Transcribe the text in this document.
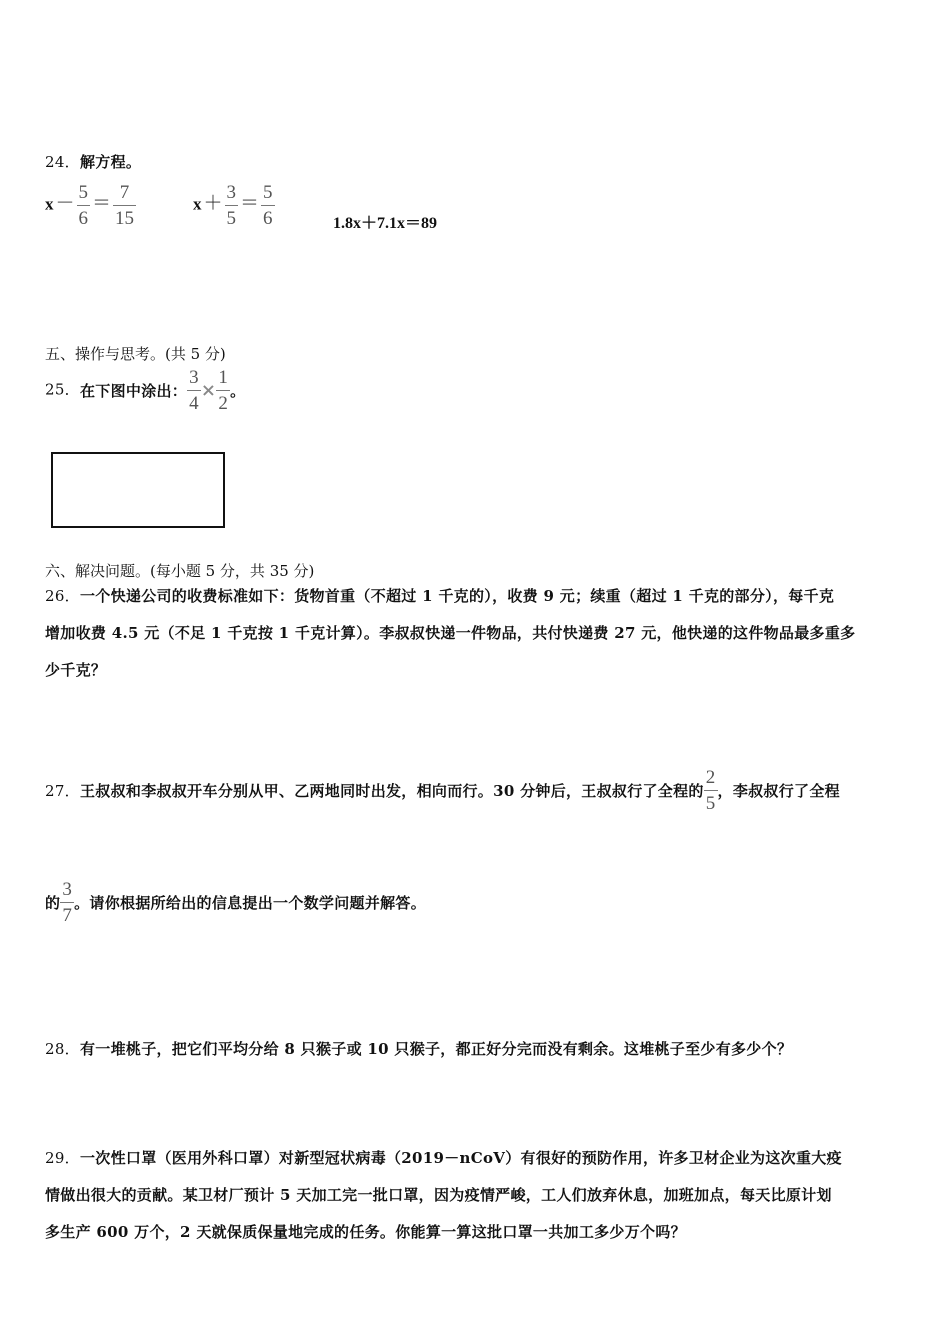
24．解方程。
$x - \frac{5}{6} = \frac{7}{15}$	$x + \frac{3}{5} = \frac{5}{6}$	1.8x＋7.1x＝89
五、操作与思考。(共 5 分)
25．在下图中涂出： $\frac{3}{4} \times \frac{1}{2}$ 。
六、解决问题。(每小题 5 分，共 35 分)
26．一个快递公司的收费标准如下：货物首重（不超过 1 千克的），收费 9 元；续重（超过 1 千克的部分），每千克
增加收费 4.5 元（不足 1 千克按 1 千克计算）。李叔叔快递一件物品，共付快递费 27 元，他快递的这件物品最多重多
少千克？
27．王叔叔和李叔叔开车分别从甲、乙两地同时出发，相向而行。30 分钟后，王叔叔行了全程的 $\frac{2}{5}$ ，李叔叔行了全程
的 $\frac{3}{7}$ 。请你根据所给出的信息提出一个数学问题并解答。
28．有一堆桃子，把它们平均分给 8 只猴子或 10 只猴子，都正好分完而没有剩余。这堆桃子至少有多少个？
29．一次性口罩（医用外科口罩）对新型冠状病毒（2019－nCoV）有很好的预防作用，许多卫材企业为这次重大疫
情做出很大的贡献。某卫材厂预计 5 天加工完一批口罩，因为疫情严峻，工人们放弃休息，加班加点，每天比原计划
多生产 600 万个，2 天就保质保量地完成的任务。你能算一算这批口罩一共加工多少万个吗？
